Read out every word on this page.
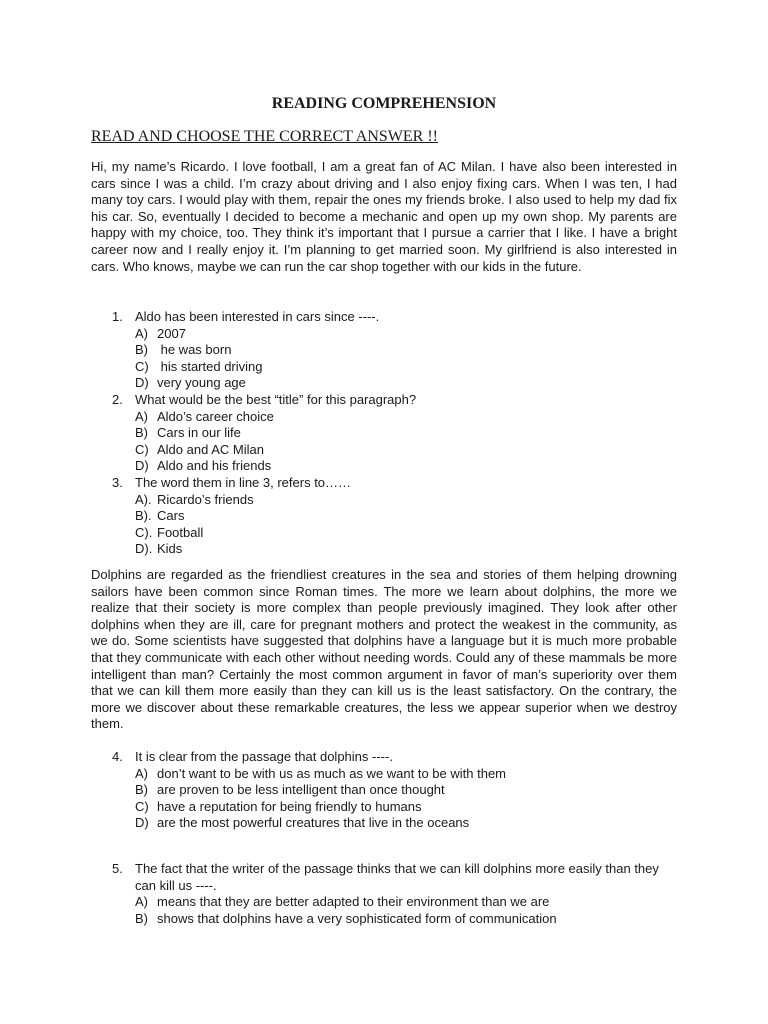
READING COMPREHENSION
READ AND CHOOSE THE CORRECT ANSWER !!

Hi, my name’s Ricardo. I love football, I am a great fan of AC Milan. I have also been interested in cars since I was a child. I’m crazy about driving and I also enjoy fixing cars. When I was ten, I had many toy cars. I would play with them, repair the ones my friends broke. I also used to help my dad fix his car. So, eventually I decided to become a mechanic and open up my own shop. My parents are happy with my choice, too. They think it’s important that I pursue a carrier that I like. I have a bright career now and I really enjoy it. I’m planning to get married soon. My girlfriend is also interested in cars. Who knows, maybe we can run the car shop together with our kids in the future.

1. Aldo has been interested in cars since ----.
A) 2007
B) he was born
C) his started driving
D) very young age
2. What would be the best “title” for this paragraph?
A) Aldo’s career choice
B) Cars in our life
C) Aldo and AC Milan
D) Aldo and his friends
3. The word them in line 3, refers to……
A). Ricardo’s friends
B). Cars
C). Football
D). Kids

Dolphins are regarded as the friendliest creatures in the sea and stories of them helping drowning sailors have been common since Roman times. The more we learn about dolphins, the more we realize that their society is more complex than people previously imagined. They look after other dolphins when they are ill, care for pregnant mothers and protect the weakest in the community, as we do. Some scientists have suggested that dolphins have a language but it is much more probable that they communicate with each other without needing words. Could any of these mammals be more intelligent than man? Certainly the most common argument in favor of man’s superiority over them that we can kill them more easily than they can kill us is the least satisfactory. On the contrary, the more we discover about these remarkable creatures, the less we appear superior when we destroy them.

4. It is clear from the passage that dolphins ----.
A) don’t want to be with us as much as we want to be with them
B) are proven to be less intelligent than once thought
C) have a reputation for being friendly to humans
D) are the most powerful creatures that live in the oceans
5. The fact that the writer of the passage thinks that we can kill dolphins more easily than they can kill us ----.
A) means that they are better adapted to their environment than we are
B) shows that dolphins have a very sophisticated form of communication
